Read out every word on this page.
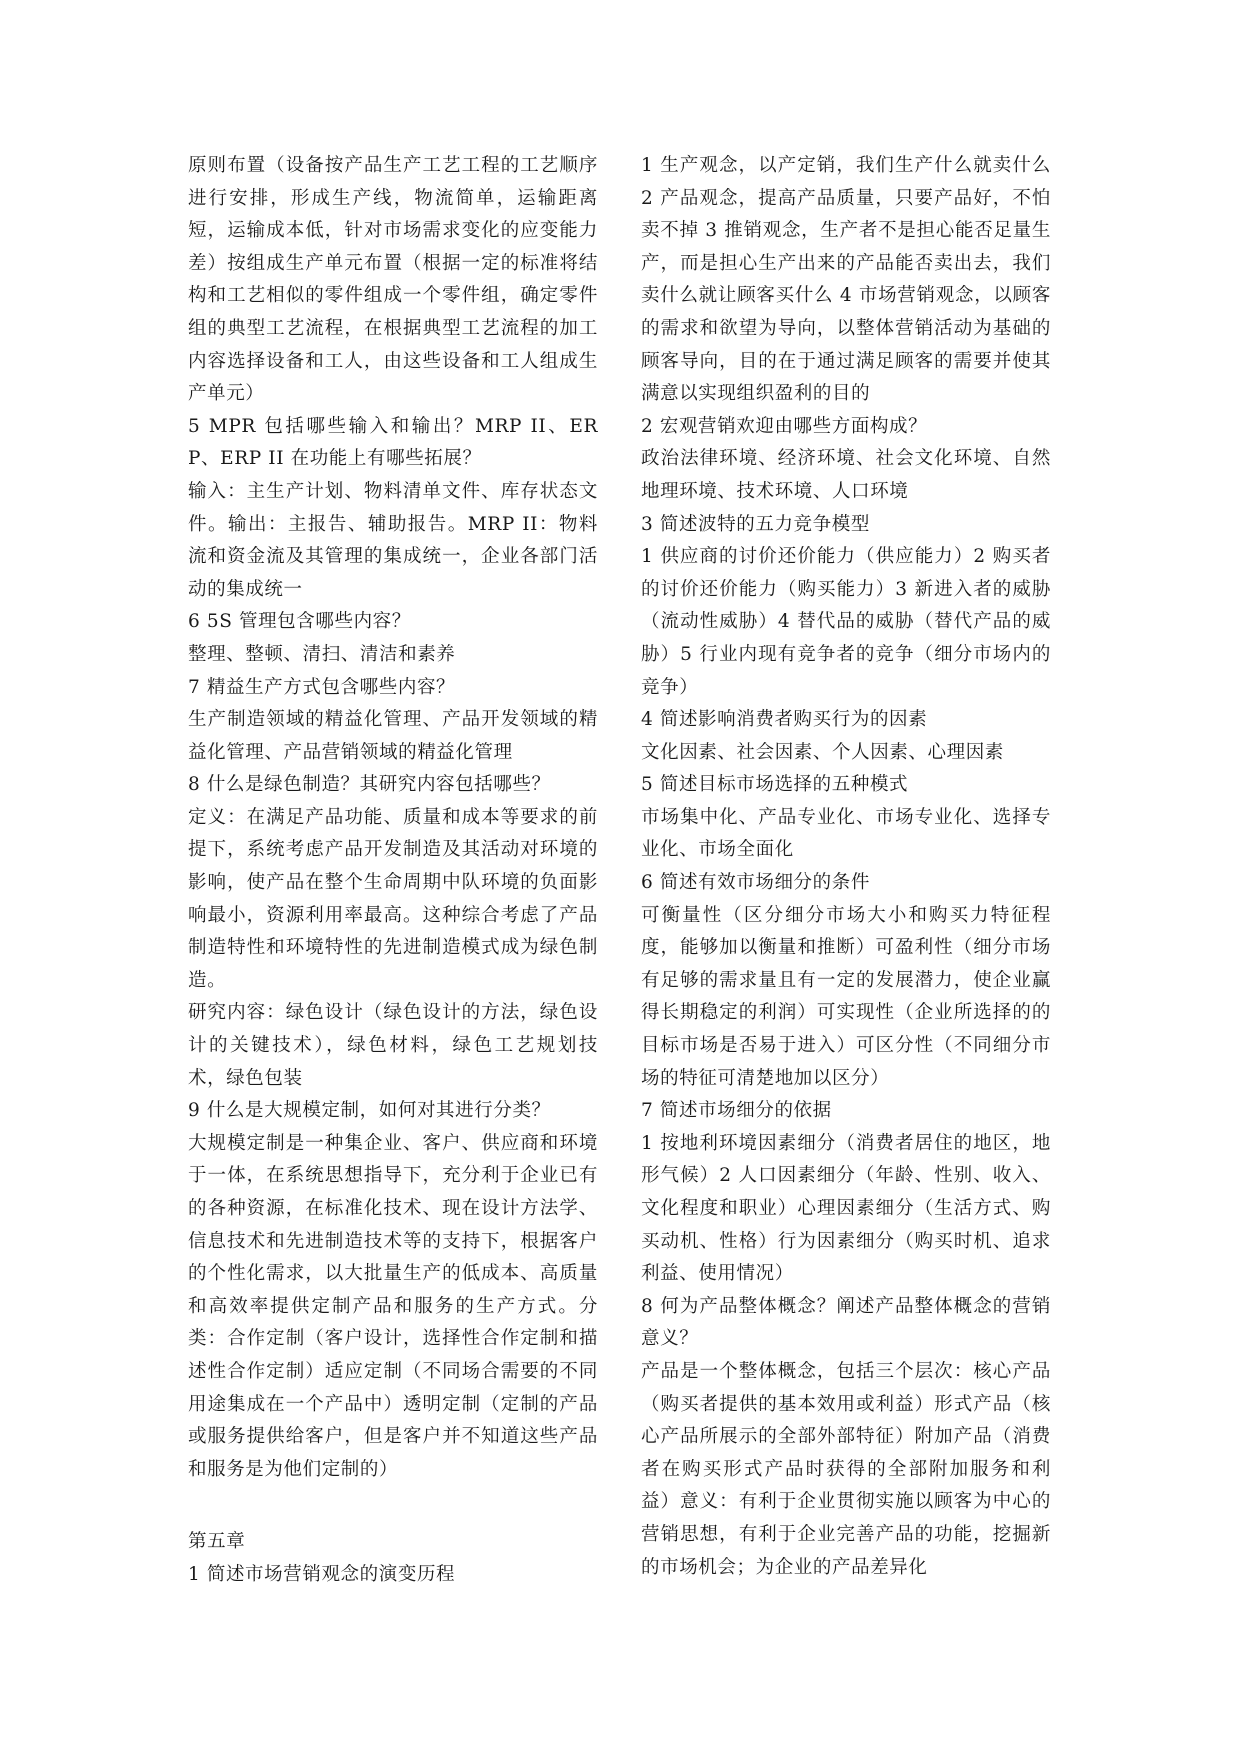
原则布置（设备按产品生产工艺工程的工艺顺序进行安排，形成生产线，物流简单，运输距离短，运输成本低，针对市场需求变化的应变能力差）按组成生产单元布置（根据一定的标准将结构和工艺相似的零件组成一个零件组，确定零件组的典型工艺流程，在根据典型工艺流程的加工内容选择设备和工人，由这些设备和工人组成生产单元）

5 MPR 包括哪些输入和输出？MRP II、ERP、ERP II 在功能上有哪些拓展？

输入：主生产计划、物料清单文件、库存状态文件。输出：主报告、辅助报告。MRP II：物料流和资金流及其管理的集成统一，企业各部门活动的集成统一

6 5S 管理包含哪些内容？

整理、整顿、清扫、清洁和素养

7 精益生产方式包含哪些内容？

生产制造领域的精益化管理、产品开发领域的精益化管理、产品营销领域的精益化管理

8 什么是绿色制造？其研究内容包括哪些？

定义：在满足产品功能、质量和成本等要求的前提下，系统考虑产品开发制造及其活动对环境的影响，使产品在整个生命周期中队环境的负面影响最小，资源利用率最高。这种综合考虑了产品制造特性和环境特性的先进制造模式成为绿色制造。

研究内容：绿色设计（绿色设计的方法，绿色设计的关键技术），绿色材料，绿色工艺规划技术，绿色包装

9 什么是大规模定制，如何对其进行分类？

大规模定制是一种集企业、客户、供应商和环境于一体，在系统思想指导下，充分利于企业已有的各种资源，在标准化技术、现在设计方法学、信息技术和先进制造技术等的支持下，根据客户的个性化需求，以大批量生产的低成本、高质量和高效率提供定制产品和服务的生产方式。分类：合作定制（客户设计，选择性合作定制和描述性合作定制）适应定制（不同场合需要的不同用途集成在一个产品中）透明定制（定制的产品或服务提供给客户，但是客户并不知道这些产品和服务是为他们定制的）

第五章

1 简述市场营销观念的演变历程

1 生产观念，以产定销，我们生产什么就卖什么 2 产品观念，提高产品质量，只要产品好，不怕卖不掉 3 推销观念，生产者不是担心能否足量生产，而是担心生产出来的产品能否卖出去，我们卖什么就让顾客买什么 4 市场营销观念，以顾客的需求和欲望为导向，以整体营销活动为基础的顾客导向，目的在于通过满足顾客的需要并使其满意以实现组织盈利的目的

2 宏观营销欢迎由哪些方面构成？

政治法律环境、经济环境、社会文化环境、自然地理环境、技术环境、人口环境

3 简述波特的五力竞争模型

1 供应商的讨价还价能力（供应能力）2 购买者的讨价还价能力（购买能力）3 新进入者的威胁（流动性威胁）4 替代品的威胁（替代产品的威胁）5 行业内现有竞争者的竞争（细分市场内的竞争）

4 简述影响消费者购买行为的因素

文化因素、社会因素、个人因素、心理因素

5 简述目标市场选择的五种模式

市场集中化、产品专业化、市场专业化、选择专业化、市场全面化

6 简述有效市场细分的条件

可衡量性（区分细分市场大小和购买力特征程度，能够加以衡量和推断）可盈利性（细分市场有足够的需求量且有一定的发展潜力，使企业赢得长期稳定的利润）可实现性（企业所选择的的目标市场是否易于进入）可区分性（不同细分市场的特征可清楚地加以区分）

7 简述市场细分的依据

1 按地利环境因素细分（消费者居住的地区，地形气候）2 人口因素细分（年龄、性别、收入、文化程度和职业）心理因素细分（生活方式、购买动机、性格）行为因素细分（购买时机、追求利益、使用情况）

8 何为产品整体概念？阐述产品整体概念的营销意义？

产品是一个整体概念，包括三个层次：核心产品（购买者提供的基本效用或利益）形式产品（核心产品所展示的全部外部特征）附加产品（消费者在购买形式产品时获得的全部附加服务和利益）意义：有利于企业贯彻实施以顾客为中心的营销思想，有利于企业完善产品的功能，挖掘新的市场机会；为企业的产品差异化
